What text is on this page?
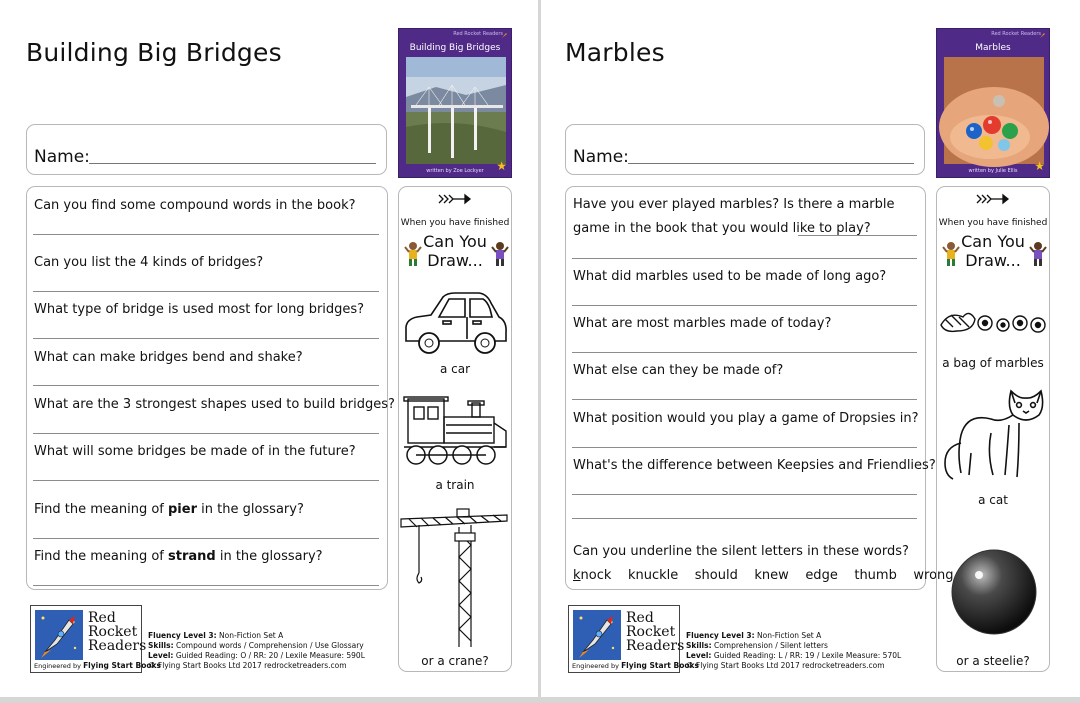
Building Big Bridges
Red Rocket Readers
Building Big Bridges
written by Zoe Lockyer	★
Name:
Can you find some compound words in the book?
Can you list the 4 kinds of bridges?
What type of bridge is used most for long bridges?
What can make bridges bend and shake?
What are the 3 strongest shapes used to build bridges?
What will some bridges be made of in the future?
Find the meaning of pier in the glossary?
Find the meaning of strand in the glossary?
When you have finished
Can You
Draw...
a car
a train
or a crane?
Red
Rocket
Readers
Engineered by Flying Start Books
Fluency Level 3: Non-Fiction Set A
Skills: Compound words / Comprehension / Use Glossary
Level: Guided Reading: O / RR: 20 / Lexile Measure: 590L
© Flying Start Books Ltd 2017 redrocketreaders.com
Marbles
Red Rocket Readers
Marbles
written by Julie Ellis	★
Name:
Have you ever played marbles? Is there a marble game in the book that you would like to play?
What did marbles used to be made of long ago?
What are most marbles made of today?
What else can they be made of?
What position would you play a game of Dropsies in?
What's the difference between Keepsies and Friendlies?
Can you underline the silent letters in these words?
knock knuckle should knew edge thumb wrong
When you have finished
Can You
Draw...
a bag of marbles
a cat
or a steelie?
Red
Rocket
Readers
Engineered by Flying Start Books
Fluency Level 3: Non-Fiction Set A
Skills: Comprehension / Silent letters
Level: Guided Reading: L / RR: 19 / Lexile Measure: 570L
© Flying Start Books Ltd 2017 redrocketreaders.com
